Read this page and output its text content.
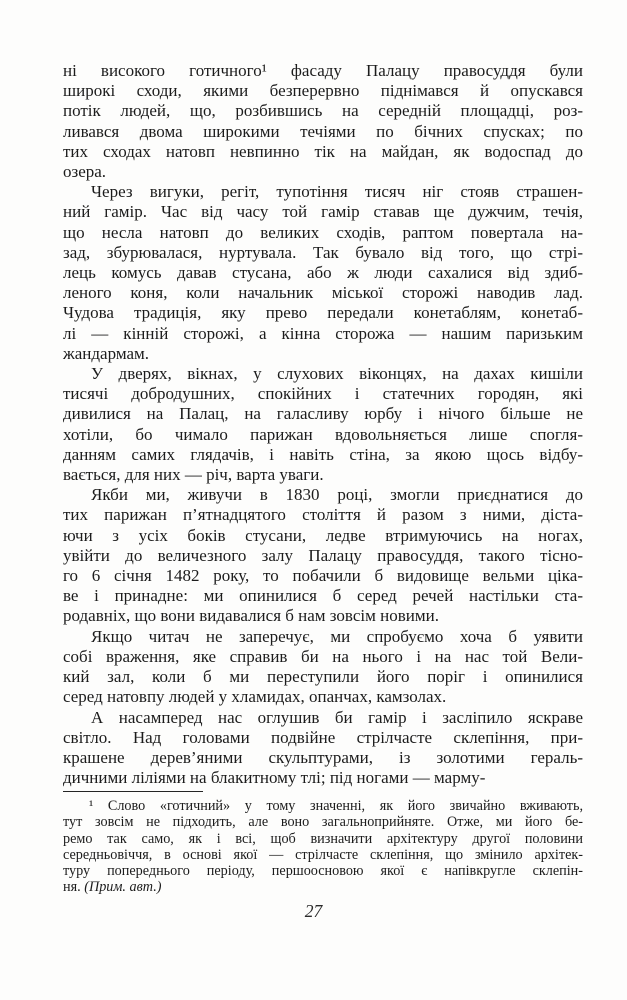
ні високого готичного¹ фасаду Палацу правосуддя були
широкі сходи, якими безперервно піднімався й опускався
потік людей, що, розбившись на середній площадці, роз-
ливався двома широкими течіями по бічних спусках; по
тих сходах натовп невпинно тік на майдан, як водоспад до
озера.
Через вигуки, регіт, тупотіння тисяч ніг стояв страшен-
ний гамір. Час від часу той гамір ставав ще дужчим, течія,
що несла натовп до великих сходів, раптом повертала на-
зад, збурювалася, нуртувала. Так бувало від того, що стрі-
лець комусь давав стусана, або ж люди сахалися від здиб-
леного коня, коли начальник міської сторожі наводив лад.
Чудова традиція, яку прево передали конетаблям, конетаб-
лі — кінній сторожі, а кінна сторожа — нашим паризьким
жандармам.
У дверях, вікнах, у слухових віконцях, на дахах кишіли
тисячі добродушних, спокійних і статечних городян, які
дивилися на Палац, на галасливу юрбу і нічого більше не
хотіли, бо чимало парижан вдовольняється лише спогля-
данням самих глядачів, і навіть стіна, за якою щось відбу-
вається, для них — річ, варта уваги.
Якби ми, живучи в 1830 році, змогли приєднатися до
тих парижан п’ятнадцятого століття й разом з ними, діста-
ючи з усіх боків стусани, ледве втримуючись на ногах,
увійти до величезного залу Палацу правосуддя, такого тісно-
го 6 січня 1482 року, то побачили б видовище вельми ціка-
ве і принадне: ми опинилися б серед речей настільки ста-
родавніх, що вони видавалися б нам зовсім новими.
Якщо читач не заперечує, ми спробуємо хоча б уявити
собі враження, яке справив би на нього і на нас той Вели-
кий зал, коли б ми переступили його поріг і опинилися
серед натовпу людей у хламидах, опанчах, камзолах.
А насамперед нас оглушив би гамір і засліпило яскраве
світло. Над головами подвійне стрілчасте склепіння, при-
крашене дерев’яними скульптурами, із золотими гераль-
дичними ліліями на блакитному тлі; під ногами — марму-
¹ Слово «готичний» у тому значенні, як його звичайно вживають,
тут зовсім не підходить, але воно загальноприйняте. Отже, ми його бе-
ремо так само, як і всі, щоб визначити архітектуру другої половини
середньовіччя, в основі якої — стрілчасте склепіння, що змінило архітек-
туру попереднього періоду, першоосновою якої є напівкругле склепін-
ня. (Прим. авт.)
27
